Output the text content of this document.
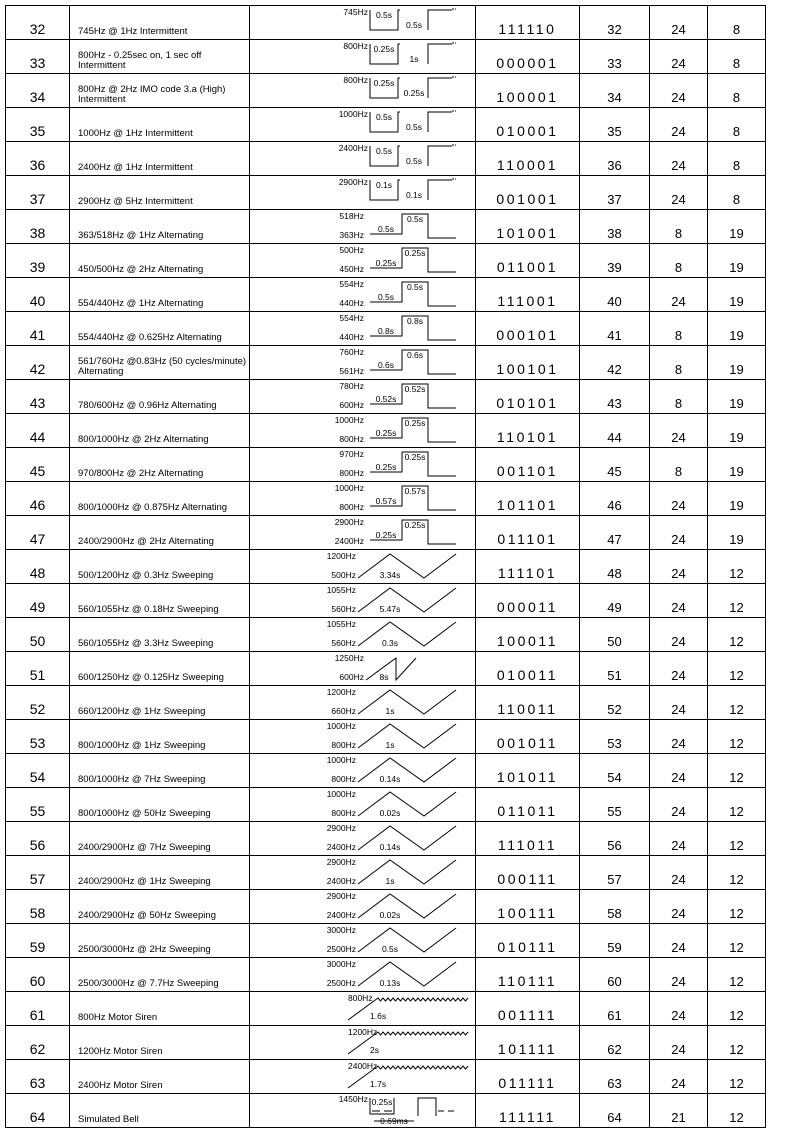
32	745Hz @ 1Hz Intermittent	745Hz 0.5s
0.5s	111110	32	24	8
33	800Hz - 0.25sec on, 1 sec off Intermittent	800Hz 0.25s
1s	000001	33	24	8
34	800Hz @ 2Hz IMO code 3.a (High) Intermittent	800Hz 0.25s
0.25s	100001	34	24	8
35	1000Hz @ 1Hz Intermittent	1000Hz 0.5s
0.5s	010001	35	24	8
36	2400Hz @ 1Hz Intermittent	2400Hz 0.5s
0.5s	110001	36	24	8
37	2900Hz @ 5Hz Intermittent	2900Hz 0.1s
0.1s	001001	37	24	8
38	363/518Hz @ 1Hz Alternating	518Hz
363Hz
0.5s
0.5s	101001	38	8	19
39	450/500Hz @ 2Hz Alternating	500Hz
450Hz
0.25s
0.25s	011001	39	8	19
40	554/440Hz @ 1Hz Alternating	554Hz
440Hz
0.5s
0.5s	111001	40	24	19
41	554/440Hz @ 0.625Hz Alternating	554Hz
440Hz
0.8s
0.8s	000101	41	8	19
42	561/760Hz @0.83Hz (50 cycles/minute) Alternating	760Hz
561Hz
0.6s
0.6s	100101	42	8	19
43	780/600Hz @ 0.96Hz Alternating	780Hz
600Hz
0.52s
0.52s	010101	43	8	19
44	800/1000Hz @ 2Hz Alternating	1000Hz
800Hz
0.25s
0.25s	110101	44	24	19
45	970/800Hz @ 2Hz Alternating	970Hz
800Hz
0.25s
0.25s	001101	45	8	19
46	800/1000Hz @ 0.875Hz Alternating	1000Hz
800Hz
0.57s
0.57s	101101	46	24	19
47	2400/2900Hz @ 2Hz Alternating	2900Hz
2400Hz
0.25s
0.25s	011101	47	24	19
48	500/1200Hz @ 0.3Hz Sweeping	1200Hz
500Hz 3.34s	111101	48	24	12
49	560/1055Hz @ 0.18Hz Sweeping	1055Hz
560Hz 5.47s	000011	49	24	12
50	560/1055Hz @ 3.3Hz Sweeping	1055Hz
560Hz 0.3s	100011	50	24	12
51	600/1250Hz @ 0.125Hz Sweeping	1250Hz
600Hz 8s	010011	51	24	12
52	660/1200Hz @ 1Hz Sweeping	1200Hz
660Hz 1s	110011	52	24	12
53	800/1000Hz @ 1Hz Sweeping	1000Hz
800Hz 1s	001011	53	24	12
54	800/1000Hz @ 7Hz Sweeping	1000Hz
800Hz 0.14s	101011	54	24	12
55	800/1000Hz @ 50Hz Sweeping	1000Hz
800Hz 0.02s	011011	55	24	12
56	2400/2900Hz @ 7Hz Sweeping	2900Hz
2400Hz 0.14s	111011	56	24	12
57	2400/2900Hz @ 1Hz Sweeping	2900Hz
2400Hz 1s	000111	57	24	12
58	2400/2900Hz @ 50Hz Sweeping	2900Hz
2400Hz 0.02s	100111	58	24	12
59	2500/3000Hz @ 2Hz Sweeping	3000Hz
2500Hz 0.5s	010111	59	24	12
60	2500/3000Hz @ 7.7Hz Sweeping	3000Hz
2500Hz 0.13s	110111	60	24	12
61	800Hz Motor Siren	800Hz
1.6s	001111	61	24	12
62	1200Hz Motor Siren	1200Hz
2s	101111	62	24	12
63	2400Hz Motor Siren	2400Hz
1.7s	011111	63	24	12
64	Simulated Bell	1450Hz 0.25s
0.69ms	111111	64	21	12
